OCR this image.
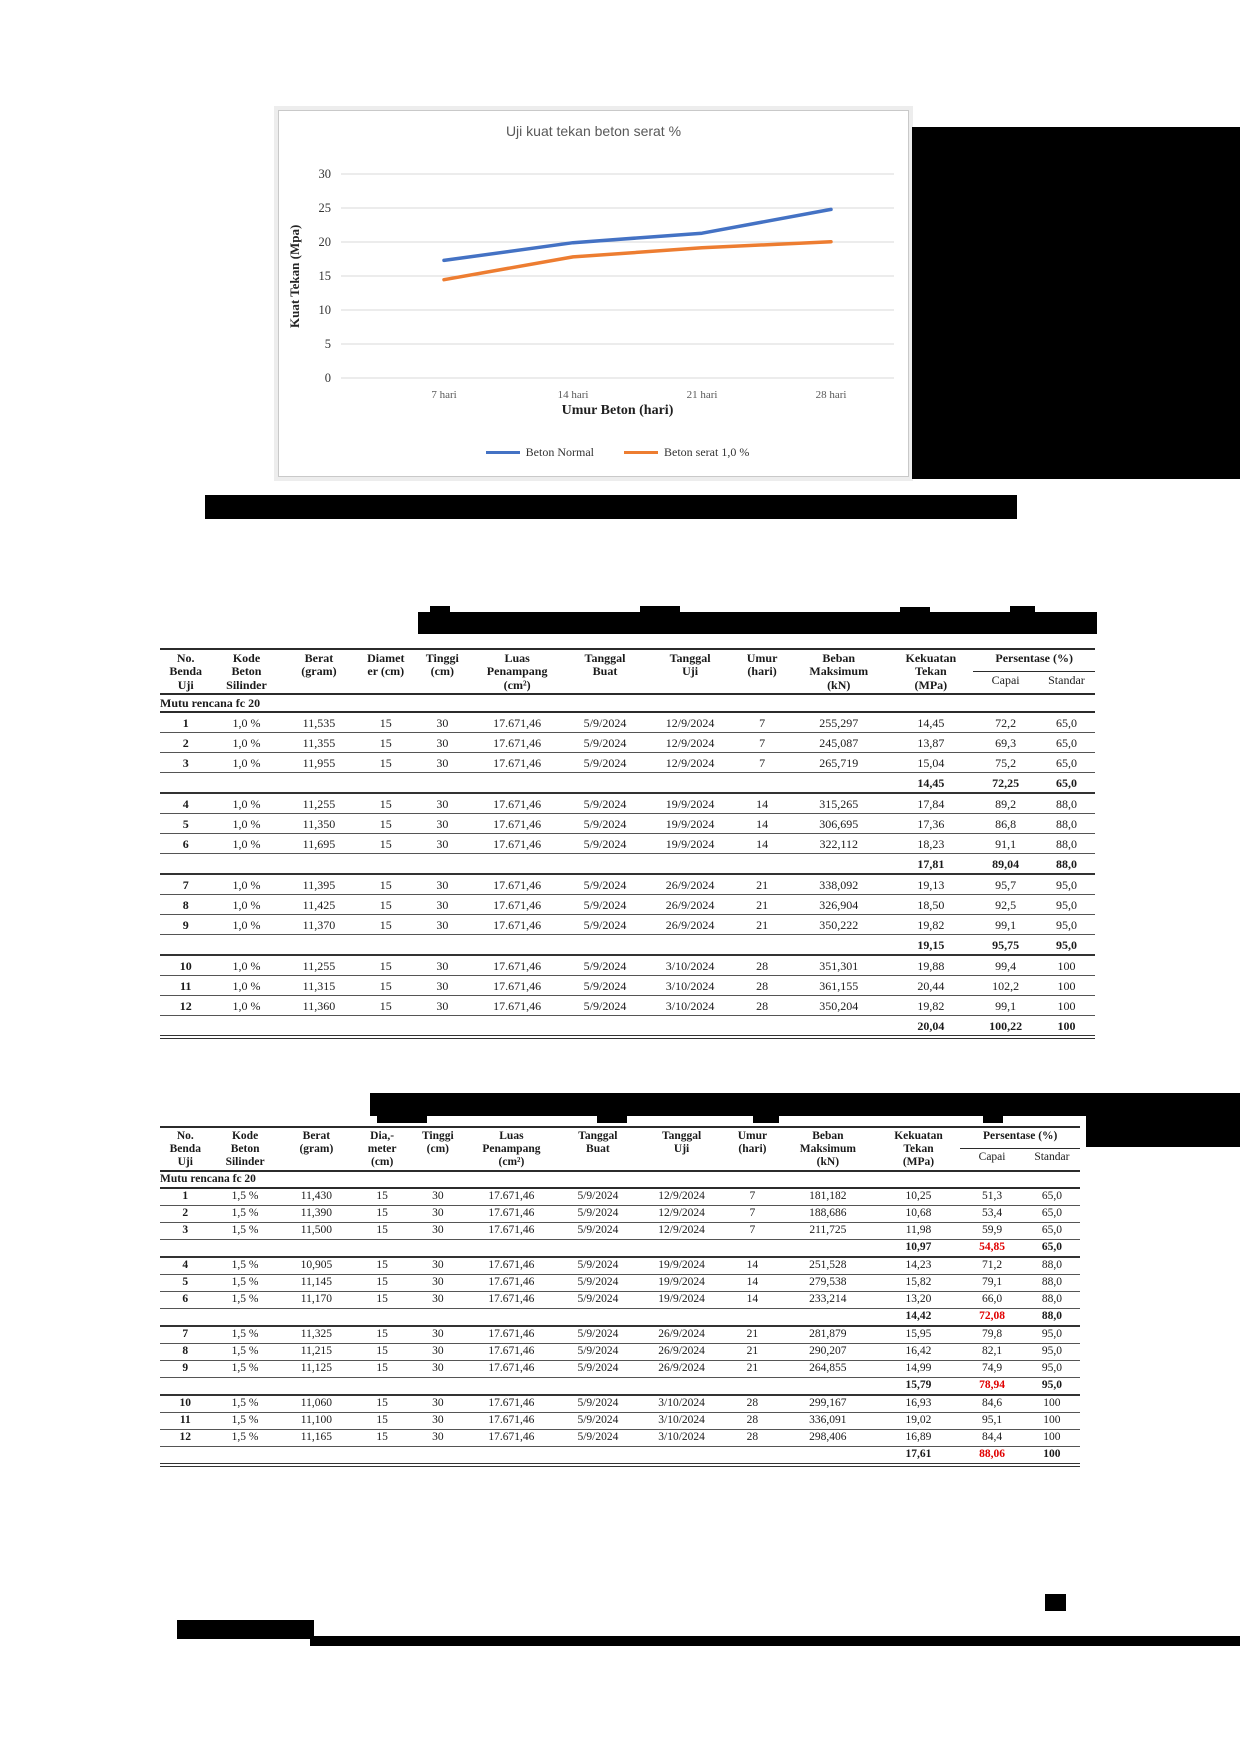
0
5
10
15
20
25
30
7 hari	14 hari	21 hari	28 hari
Uji kuat tekan beton serat %
Kuat Tekan (Mpa)
Umur Beton (hari)
Beton Normal	Beton serat 1,0 %
No.
Benda
Uji

Kode
Beton
Silinder

Berat
(gram)

Diamet
er (cm)

Tinggi
(cm)

Luas
Penampang
(cm²)

Tanggal
Buat

Tanggal
Uji

Umur
(hari)

Beban
Maksimum
(kN)

Kekuatan
Tekan
(MPa)
	Persentase (%)
											Capai	Standar
Mutu rencana fc 20												
1	1,0 %	11,535	15	30	17.671,46	5/9/2024	12/9/2024	7	255,297	14,45	72,2	65,0
2	1,0 %	11,355	15	30	17.671,46	5/9/2024	12/9/2024	7	245,087	13,87	69,3	65,0
3	1,0 %	11,955	15	30	17.671,46	5/9/2024	12/9/2024	7	265,719	15,04	75,2	65,0
										14,45	72,25	65,0
4	1,0 %	11,255	15	30	17.671,46	5/9/2024	19/9/2024	14	315,265	17,84	89,2	88,0
5	1,0 %	11,350	15	30	17.671,46	5/9/2024	19/9/2024	14	306,695	17,36	86,8	88,0
6	1,0 %	11,695	15	30	17.671,46	5/9/2024	19/9/2024	14	322,112	18,23	91,1	88,0
										17,81	89,04	88,0
7	1,0 %	11,395	15	30	17.671,46	5/9/2024	26/9/2024	21	338,092	19,13	95,7	95,0
8	1,0 %	11,425	15	30	17.671,46	5/9/2024	26/9/2024	21	326,904	18,50	92,5	95,0
9	1,0 %	11,370	15	30	17.671,46	5/9/2024	26/9/2024	21	350,222	19,82	99,1	95,0
										19,15	95,75	95,0
10	1,0 %	11,255	15	30	17.671,46	5/9/2024	3/10/2024	28	351,301	19,88	99,4	100
11	1,0 %	11,315	15	30	17.671,46	5/9/2024	3/10/2024	28	361,155	20,44	102,2	100
12	1,0 %	11,360	15	30	17.671,46	5/9/2024	3/10/2024	28	350,204	19,82	99,1	100
										20,04	100,22	100
No.
Benda
Uji

Kode
Beton
Silinder

Berat
(gram)

Dia,-
meter
(cm)

Tinggi
(cm)

Luas
Penampang
(cm²)

Tanggal
Buat

Tanggal
Uji

Umur
(hari)

Beban
Maksimum
(kN)

Kekuatan
Tekan
(MPa)
	Persentase (%)
											Capai	Standar
Mutu rencana fc 20												
1	1,5 %	11,430	15	30	17.671,46	5/9/2024	12/9/2024	7	181,182	10,25	51,3	65,0
2	1,5 %	11,390	15	30	17.671,46	5/9/2024	12/9/2024	7	188,686	10,68	53,4	65,0
3	1,5 %	11,500	15	30	17.671,46	5/9/2024	12/9/2024	7	211,725	11,98	59,9	65,0
										10,97	54,85	65,0
4	1,5 %	10,905	15	30	17.671,46	5/9/2024	19/9/2024	14	251,528	14,23	71,2	88,0
5	1,5 %	11,145	15	30	17.671,46	5/9/2024	19/9/2024	14	279,538	15,82	79,1	88,0
6	1,5 %	11,170	15	30	17.671,46	5/9/2024	19/9/2024	14	233,214	13,20	66,0	88,0
										14,42	72,08	88,0
7	1,5 %	11,325	15	30	17.671,46	5/9/2024	26/9/2024	21	281,879	15,95	79,8	95,0
8	1,5 %	11,215	15	30	17.671,46	5/9/2024	26/9/2024	21	290,207	16,42	82,1	95,0
9	1,5 %	11,125	15	30	17.671,46	5/9/2024	26/9/2024	21	264,855	14,99	74,9	95,0
										15,79	78,94	95,0
10	1,5 %	11,060	15	30	17.671,46	5/9/2024	3/10/2024	28	299,167	16,93	84,6	100
11	1,5 %	11,100	15	30	17.671,46	5/9/2024	3/10/2024	28	336,091	19,02	95,1	100
12	1,5 %	11,165	15	30	17.671,46	5/9/2024	3/10/2024	28	298,406	16,89	84,4	100
										17,61	88,06	100
